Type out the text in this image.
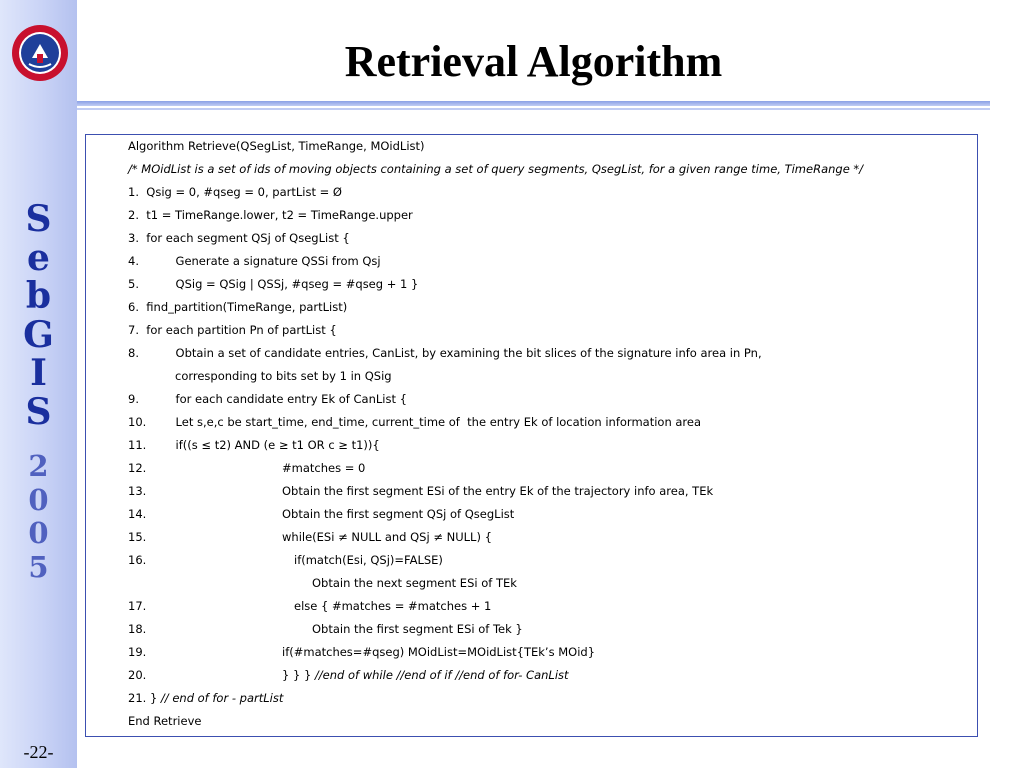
S
e
b
G
I
S
2
0
0
5
-22-
Retrieval Algorithm
Algorithm Retrieve(QSegList, TimeRange, MOidList)
/* MOidList is a set of ids of moving objects containing a set of query segments, QsegList, for a given range time, TimeRange */
1.  Qsig = 0, #qseg = 0, partList = Ø
2.  t1 = TimeRange.lower, t2 = TimeRange.upper
3.  for each segment QSj of QsegList {
4.          Generate a signature QSSi from Qsj
5.          QSig = QSig | QSSj, #qseg = #qseg + 1 }
6.  find_partition(TimeRange, partList)
7.  for each partition Pn of partList {
8.          Obtain a set of candidate entries, CanList, by examining the bit slices of the signature info area in Pn,
corresponding to bits set by 1 in QSig
9.          for each candidate entry Ek of CanList {
10.        Let s,e,c be start_time, end_time, current_time of  the entry Ek of location information area
11.        if((s ≤ t2) AND (e ≥ t1 OR c ≥ t1)){
12.	#matches = 0
13.	Obtain the first segment ESi of the entry Ek of the trajectory info area, TEk
14.	Obtain the first segment QSj of QsegList
15.	while(ESi ≠ NULL and QSj ≠ NULL) {
16.	if(match(Esi, QSj)=FALSE)
Obtain the next segment ESi of TEk
17.	else { #matches = #matches + 1
18.	Obtain the first segment ESi of Tek }
19.	if(#matches=#qseg) MOidList=MOidList{TEk’s MOid}
20.	} } } //end of while //end of if //end of for- CanList
21. } // end of for - partList
End Retrieve
